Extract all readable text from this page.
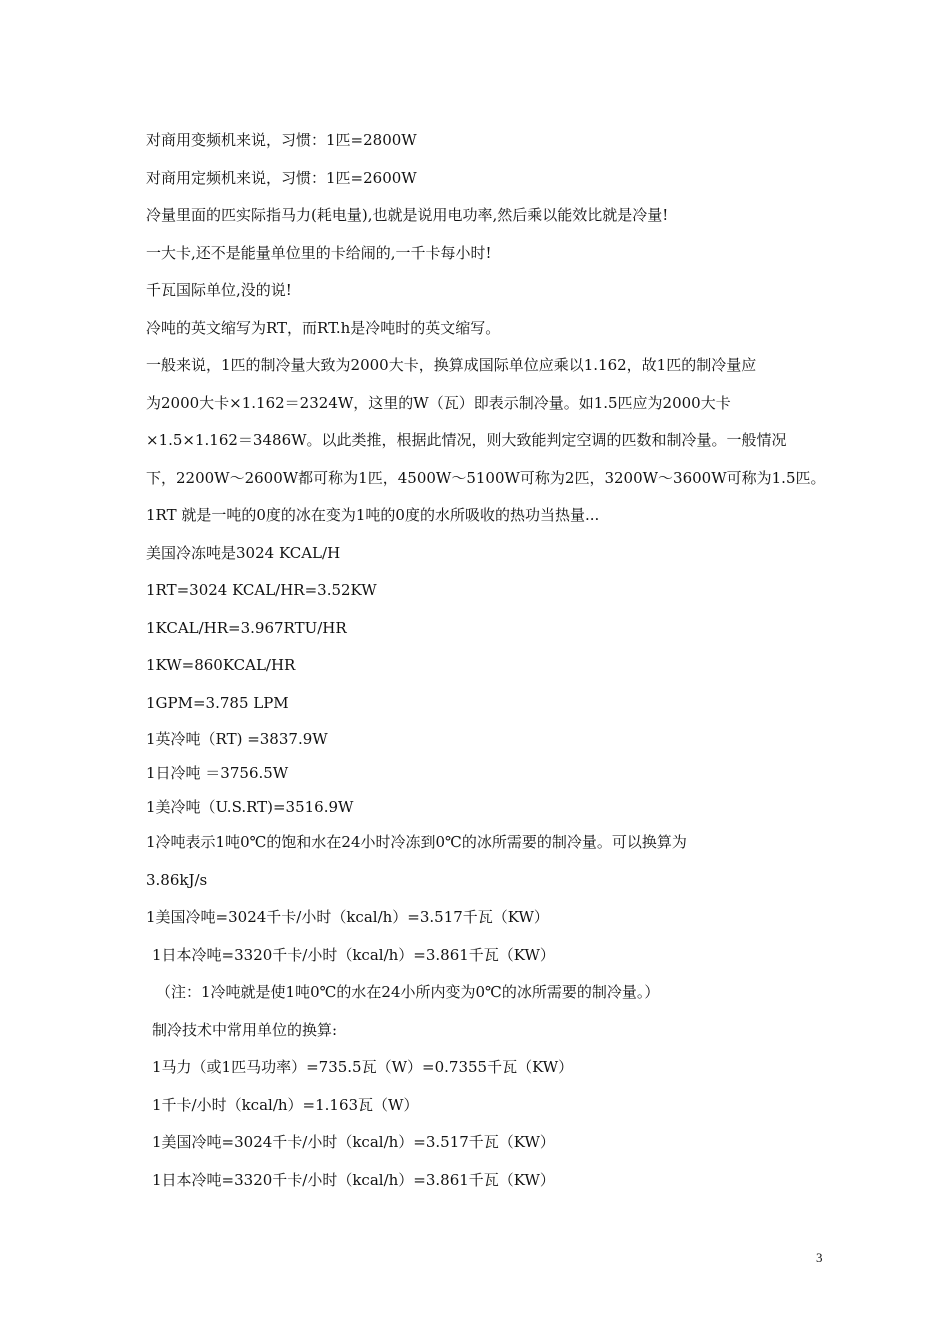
对商用变频机来说，习惯：1匹=2800W
对商用定频机来说，习惯：1匹=2600W
冷量里面的匹实际指马力(耗电量),也就是说用电功率,然后乘以能效比就是冷量!
一大卡,还不是能量单位里的卡给闹的,一千卡每小时!
千瓦国际单位,没的说!
冷吨的英文缩写为RT，而RT.h是冷吨时的英文缩写。
一般来说，1匹的制冷量大致为2000大卡，换算成国际单位应乘以1.162，故1匹的制冷量应
为2000大卡×1.162＝2324W，这里的W（瓦）即表示制冷量。如1.5匹应为2000大卡
×1.5×1.162＝3486W。以此类推，根据此情况，则大致能判定空调的匹数和制冷量。一般情况
下，2200W～2600W都可称为1匹，4500W～5100W可称为2匹，3200W～3600W可称为1.5匹。
1RT 就是一吨的0度的冰在变为1吨的0度的水所吸收的热功当热量...
美国冷冻吨是3024 KCAL/H
1RT=3024 KCAL/HR=3.52KW
1KCAL/HR=3.967RTU/HR
1KW=860KCAL/HR
1GPM=3.785 LPM
1英冷吨（RT) =3837.9W
1日冷吨 ＝3756.5W
1美冷吨（U.S.RT)=3516.9W
1冷吨表示1吨0℃的饱和水在24小时冷冻到0℃的冰所需要的制冷量。可以换算为
3.86kJ/s
1美国冷吨=3024千卡/小时（kcal/h）=3.517千瓦（KW）
1日本冷吨=3320千卡/小时（kcal/h）=3.861千瓦（KW）
（注：1冷吨就是使1吨0℃的水在24小所内变为0℃的冰所需要的制冷量。）
制冷技术中常用单位的换算:
1马力（或1匹马功率）=735.5瓦（W）=0.7355千瓦（KW）
1千卡/小时（kcal/h）=1.163瓦（W）
1美国冷吨=3024千卡/小时（kcal/h）=3.517千瓦（KW）
1日本冷吨=3320千卡/小时（kcal/h）=3.861千瓦（KW）
3
